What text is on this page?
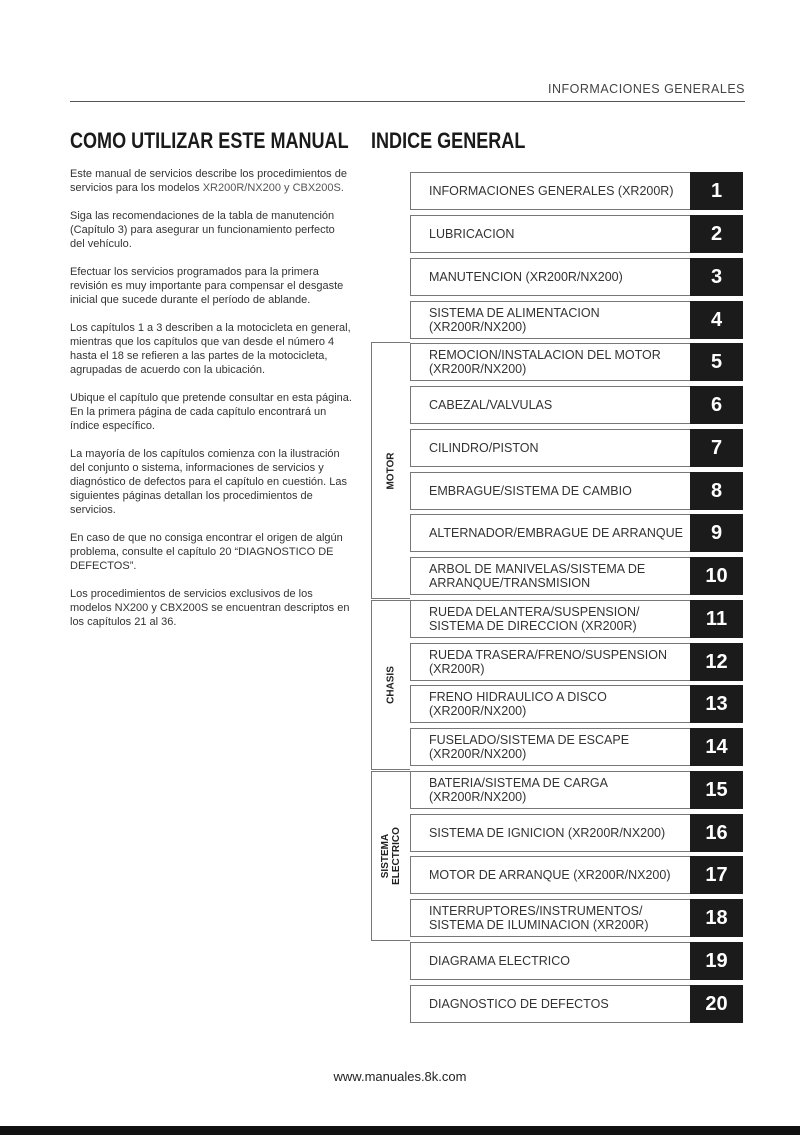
INFORMACIONES GENERALES
COMO UTILIZAR ESTE MANUAL INDICE GENERAL

Este manual de servicios describe los procedimientos de servicios para los modelos XR200R/NX200 y CBX200S.

Siga las recomendaciones de la tabla de manutención (Capítulo 3) para asegurar un funcionamiento perfecto del vehículo.

Efectuar los servicios programados para la primera revisión es muy importante para compensar el desgaste inicial que sucede durante el período de ablande.

Los capítulos 1 a 3 describen a la motocicleta en general, mientras que los capítulos que van desde el número 4 hasta el 18 se refieren a las partes de la motocicleta, agrupadas de acuerdo con la ubicación.

Ubique el capítulo que pretende consultar en esta página. En la primera página de cada capítulo encontrará un índice específico.

La mayoría de los capítulos comienza con la ilustración del conjunto o sistema, informaciones de servicios y diagnóstico de defectos para el capítulo en cuestión. Las siguientes páginas detallan los procedimientos de servicios.

En caso de que no consiga encontrar el origen de algún problema, consulte el capítulo 20 “DIAGNOSTICO DE DEFECTOS”.

Los procedimientos de servicios exclusivos de los modelos NX200 y CBX200S se encuentran descriptos en los capítulos 21 al 36.

MOTOR
CHASIS
SISTEMA
ELECTRICO
INFORMACIONES GENERALES (XR200R)	1
LUBRICACION	2
MANUTENCION (XR200R/NX200)	3
SISTEMA DE ALIMENTACION
(XR200R/NX200)	4
REMOCION/INSTALACION DEL MOTOR
(XR200R/NX200)	5
CABEZAL/VALVULAS	6
CILINDRO/PISTON	7
EMBRAGUE/SISTEMA DE CAMBIO	8
ALTERNADOR/EMBRAGUE DE ARRANQUE	9
ARBOL DE MANIVELAS/SISTEMA DE
ARRANQUE/TRANSMISION	10
RUEDA DELANTERA/SUSPENSION/
SISTEMA DE DIRECCION (XR200R)	11
RUEDA TRASERA/FRENO/SUSPENSION
(XR200R)	12
FRENO HIDRAULICO A DISCO
(XR200R/NX200)	13
FUSELADO/SISTEMA DE ESCAPE
(XR200R/NX200)	14
BATERIA/SISTEMA DE CARGA
(XR200R/NX200)	15
SISTEMA DE IGNICION (XR200R/NX200)	16
MOTOR DE ARRANQUE (XR200R/NX200)	17
INTERRUPTORES/INSTRUMENTOS/
SISTEMA DE ILUMINACION (XR200R)	18
DIAGRAMA ELECTRICO	19
DIAGNOSTICO DE DEFECTOS	20
www.manuales.8k.com
